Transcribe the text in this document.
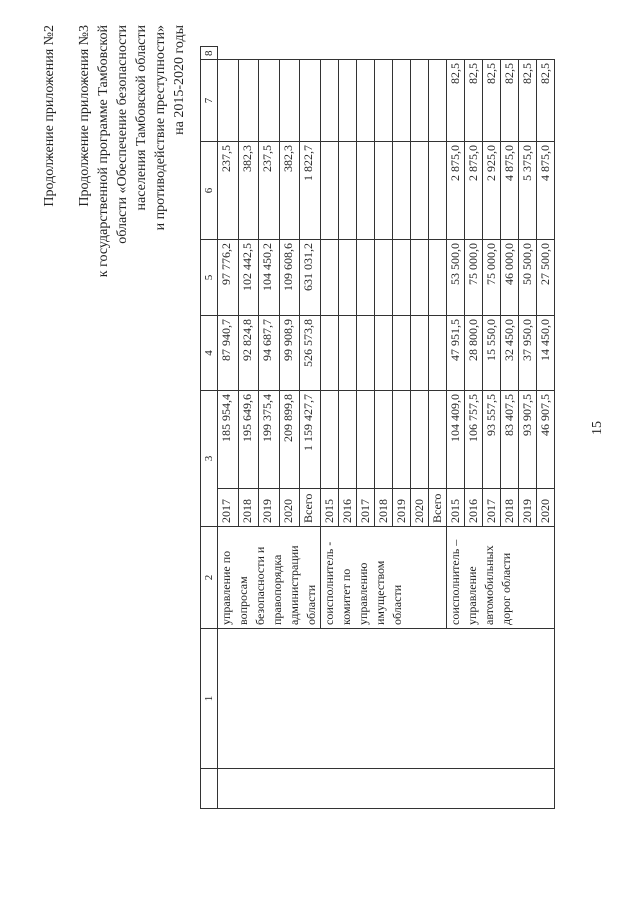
15
Продолжение приложения №2 Продолжение приложения №3 к государственной программе Тамбовской области «Обеспечение безопасности населения Тамбовской области и противодействие преступности» на 2015-2020 годы
	1	2	3		4	5	6	7	8
		управление по вопросам безопасности и правопорядка администрации области	2017	185 954,4	87 940,7	97 776,2	237,5		
			2018	195 649,6	92 824,8	102 442,5	382,3		
			2019	199 375,4	94 687,7	104 450,2	237,5		
			2020	209 899,8	99 908,9	109 608,6	382,3		
			Всего	1 159 427,7	526 573,8	631 031,2	1 822,7		
		соисполнитель - комитет по управлению имуществом области	2015						
			2016						
			2017						
			2018						
			2019						
			2020						
			Всего						
		соисполнитель – управление автомобильных дорог области	2015	104 409,0	47 951,5	53 500,0	2 875,0	82,5	
			2016	106 757,5	28 800,0	75 000,0	2 875,0	82,5	
			2017	93 557,5	15 550,0	75 000,0	2 925,0	82,5	
			2018	83 407,5	32 450,0	46 000,0	4 875,0	82,5	
			2019	93 907,5	37 950,0	50 500,0	5 375,0	82,5	
			2020	46 907,5	14 450,0	27 500,0	4 875,0	82,5	
